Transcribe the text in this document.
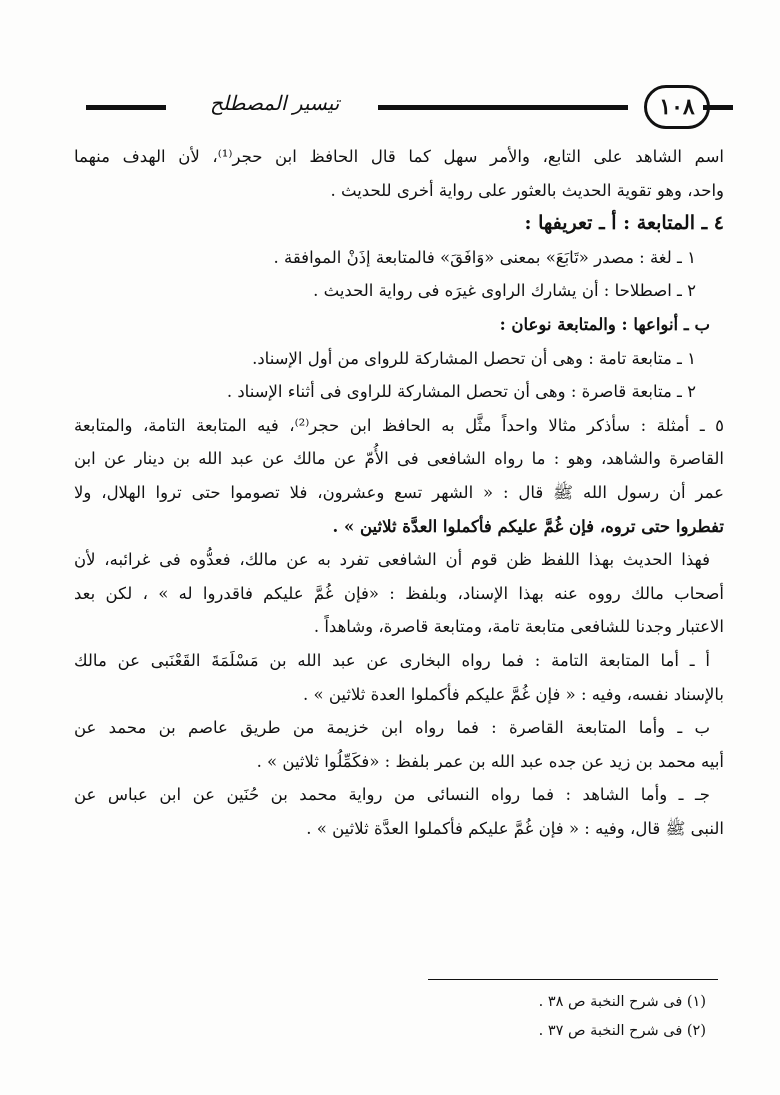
تيسير المصطلح	١٠٨
اسم الشاهد على التابع، والأمر سهل كما قال الحافظ ابن حجر⁽¹⁾، لأن الهدف منهما
واحد، وهو تقوية الحديث بالعثور على رواية أخرى للحديث .
٤ ـ المتابعة : أ ـ تعريفها :
١ ـ لغة : مصدر «تَابَعَ» بمعنى «وَافَقَ» فالمتابعة إذَنْ الموافقة .
٢ ـ اصطلاحا : أن يشارك الراوى غيرَه فى رواية الحديث .
ب ـ أنواعها : والمتابعة نوعان :
١ ـ متابعة تامة : وهى أن تحصل المشاركة للرواى من أول الإسناد.
٢ ـ متابعة قاصرة : وهى أن تحصل المشاركة للراوى فى أثناء الإسناد .
٥ ـ أمثلة : سأذكر مثالا واحداً مثَّل به الحافظ ابن حجر⁽²⁾، فيه المتابعة التامة، والمتابعة
القاصرة والشاهد، وهو : ما رواه الشافعى فى الأُمّ عن مالك عن عبد الله بن دينار عن ابن
عمر أن رسول الله ﷺ قال : « الشهر تسع وعشرون، فلا تصوموا حتى تروا الهلال، ولا
تفطروا حتى تروه، فإن غُمَّ عليكم فأكملوا العدَّة ثلاثين » .
فهذا الحديث بهذا اللفظ ظن قوم أن الشافعى تفرد به عن مالك، فعدُّوه فى غرائبه، لأن
أصحاب مالك رووه عنه بهذا الإسناد، وبلفظ : «فإن غُمَّ عليكم فاقدروا له » ، لكن بعد
الاعتبار وجدنا للشافعى متابعة تامة، ومتابعة قاصرة، وشاهداً .
أ ـ أما المتابعة التامة : فما رواه البخارى عن عبد الله بن مَسْلَمَةَ القَعْنَبى عن مالك
بالإسناد نفسه، وفيه : « فإن غُمَّ عليكم فأكملوا العدة ثلاثين » .
ب ـ وأما المتابعة القاصرة : فما رواه ابن خزيمة من طريق عاصم بن محمد عن
أبيه محمد بن زيد عن جده عبد الله بن عمر بلفظ : «فكَمِّلُوا ثلاثين » .
جـ ـ وأما الشاهد : فما رواه النسائى من رواية محمد بن حُنَين عن ابن عباس عن
النبى ﷺ قال، وفيه : « فإن غُمَّ عليكم فأكملوا العدَّة ثلاثين » .
(١) فى شرح النخبة ص ٣٨ .
(٢) فى شرح النخبة ص ٣٧ .
